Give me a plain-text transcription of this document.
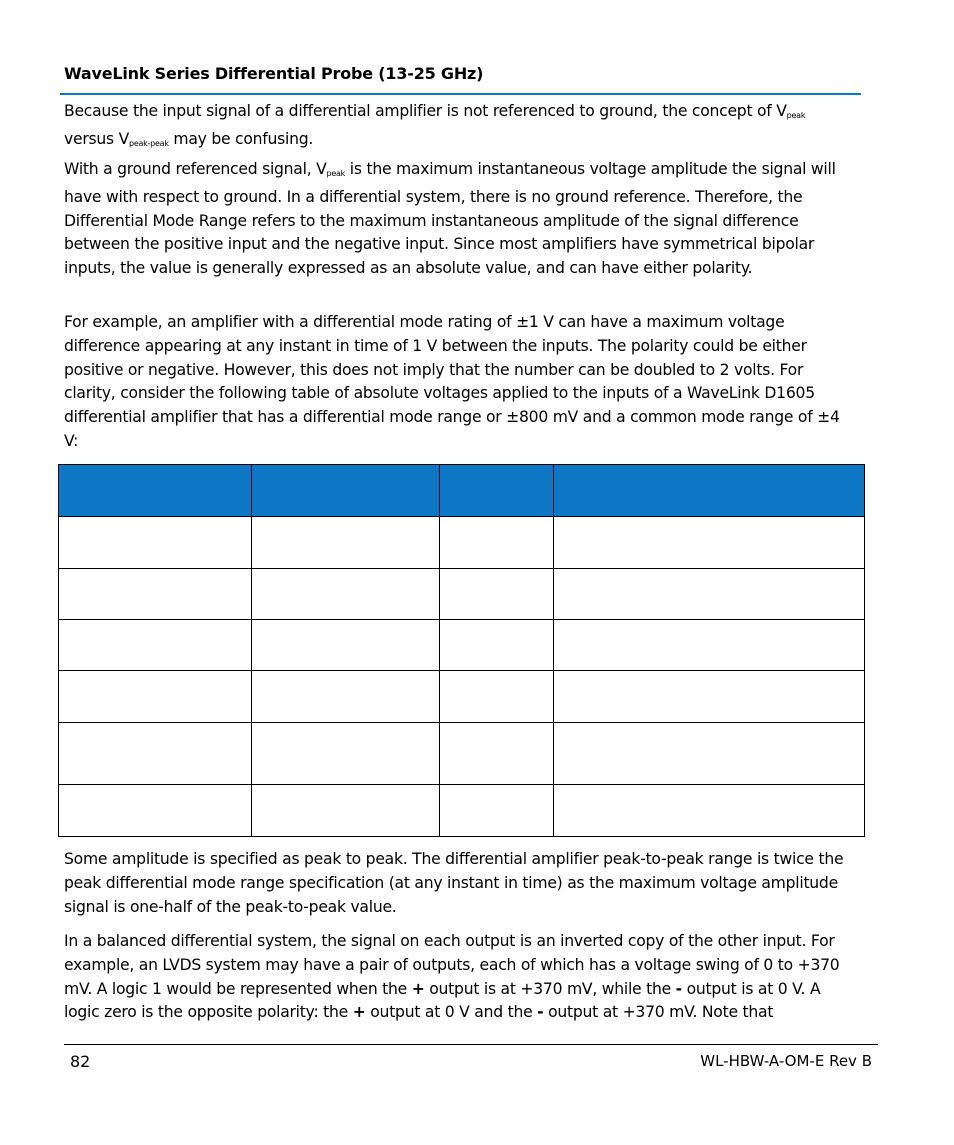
WaveLink Series Differential Probe (13-25 GHz)
Because the input signal of a differential amplifier is not referenced to ground, the concept of $V_{peak}$ versus $V_{peak-peak}$ may be confusing.
With a ground referenced signal, $V_{peak}$ is the maximum instantaneous voltage amplitude the signal will have with respect to ground. In a differential system, there is no ground reference. Therefore, the Differential Mode Range refers to the maximum instantaneous amplitude of the signal difference between the positive input and the negative input. Since most amplifiers have symmetrical bipolar inputs, the value is generally expressed as an absolute value, and can have either polarity.
For example, an amplifier with a differential mode rating of ±1 V can have a maximum voltage difference appearing at any instant in time of 1 V between the inputs. The polarity could be either positive or negative. However, this does not imply that the number can be doubled to 2 volts. For clarity, consider the following table of absolute voltages applied to the inputs of a WaveLink D1605 differential amplifier that has a differential mode range or ±800 mV and a common mode range of ±4 V:

Some amplitude is specified as peak to peak. The differential amplifier peak-to-peak range is twice the peak differential mode range specification (at any instant in time) as the maximum voltage amplitude signal is one-half of the peak-to-peak value.
In a balanced differential system, the signal on each output is an inverted copy of the other input. For example, an LVDS system may have a pair of outputs, each of which has a voltage swing of 0 to +370 mV. A logic 1 would be represented when the + output is at +370 mV, while the - output is at 0 V. A logic zero is the opposite polarity: the + output at 0 V and the - output at +370 mV. Note that
82	WL-HBW-A-OM-E Rev B
